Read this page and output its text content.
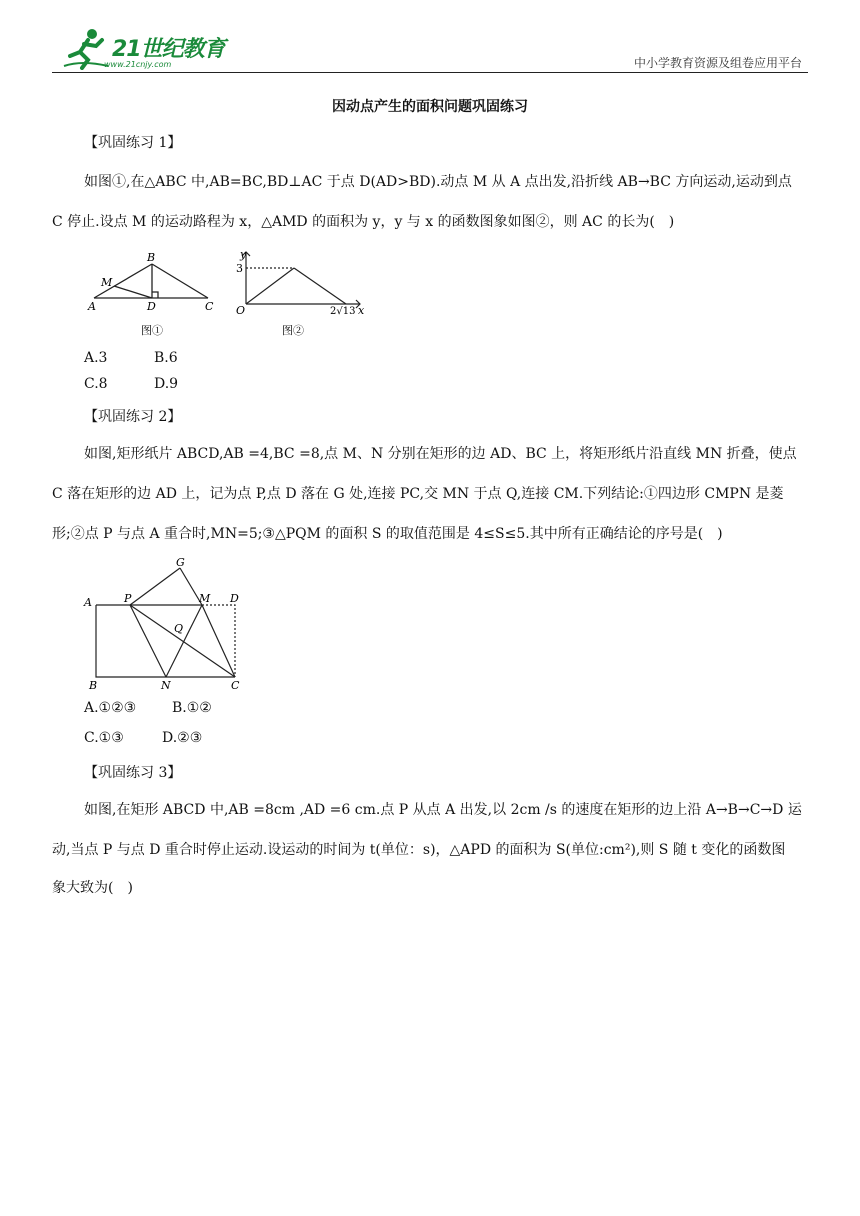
21世纪教育
www.21cnjy.com	中小学教育资源及组卷应用平台
因动点产生的面积问题巩固练习
【巩固练习 1】
如图①,在△ABC 中,AB=BC,BD⊥AC 于点 D(AD>BD).动点 M 从 A 点出发,沿折线 AB→BC 方向运动,运动到点
C 停止.设点 M 的运动路程为 x，△AMD 的面积为 y，y 与 x 的函数图象如图②，则 AC 的长为(　)
B
M
A	D	C
图①
y
3
O	2√13 x
图②
A.3	B.6
C.8	D.9
【巩固练习 2】
如图,矩形纸片 ABCD,AB =4,BC =8,点 M、N 分别在矩形的边 AD、BC 上，将矩形纸片沿直线 MN 折叠，使点
C 落在矩形的边 AD 上，记为点 P,点 D 落在 G 处,连接 PC,交 MN 于点 Q,连接 CM.下列结论:①四边形 CMPN 是菱
形;②点 P 与点 A 重合时,MN=5;③△PQM 的面积 S 的取值范围是 4≤S≤5.其中所有正确结论的序号是(　)
G
A	P	M D
Q
B	N	C
A.①②③	B.①②
C.①③	D.②③
【巩固练习 3】
如图,在矩形 ABCD 中,AB =8cm ,AD =6 cm.点 P 从点 A 出发,以 2cm /s 的速度在矩形的边上沿 A→B→C→D 运
动,当点 P 与点 D 重合时停止运动.设运动的时间为 t(单位：s)，△APD 的面积为 S(单位:cm²),则 S 随 t 变化的函数图
象大致为(　)
